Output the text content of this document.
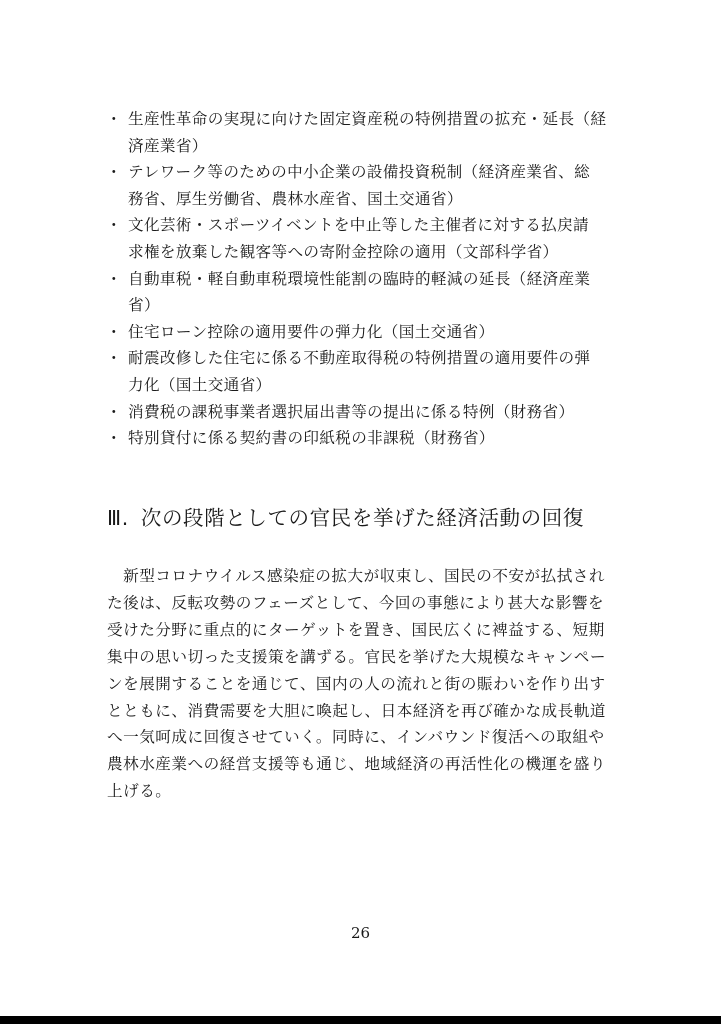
・ 生産性革命の実現に向けた固定資産税の特例措置の拡充・延長（経
済産業省）
・ テレワーク等のための中小企業の設備投資税制（経済産業省、総
務省、厚生労働省、農林水産省、国土交通省）
・ 文化芸術・スポーツイベントを中止等した主催者に対する払戻請
求権を放棄した観客等への寄附金控除の適用（文部科学省）
・ 自動車税・軽自動車税環境性能割の臨時的軽減の延長（経済産業
省）
・ 住宅ローン控除の適用要件の弾力化（国土交通省）
・ 耐震改修した住宅に係る不動産取得税の特例措置の適用要件の弾
力化（国土交通省）
・ 消費税の課税事業者選択届出書等の提出に係る特例（財務省）
・ 特別貸付に係る契約書の印紙税の非課税（財務省）
Ⅲ. 次の段階としての官民を挙げた経済活動の回復

　新型コロナウイルス感染症の拡大が収束し、国民の不安が払拭され
た後は、反転攻勢のフェーズとして、今回の事態により甚大な影響を
受けた分野に重点的にターゲットを置き、国民広くに裨益する、短期
集中の思い切った支援策を講ずる。官民を挙げた大規模なキャンペー
ンを展開することを通じて、国内の人の流れと街の賑わいを作り出す
とともに、消費需要を大胆に喚起し、日本経済を再び確かな成長軌道
へ一気呵成に回復させていく。同時に、インバウンド復活への取組や
農林水産業への経営支援等も通じ、地域経済の再活性化の機運を盛り
上げる。

26
